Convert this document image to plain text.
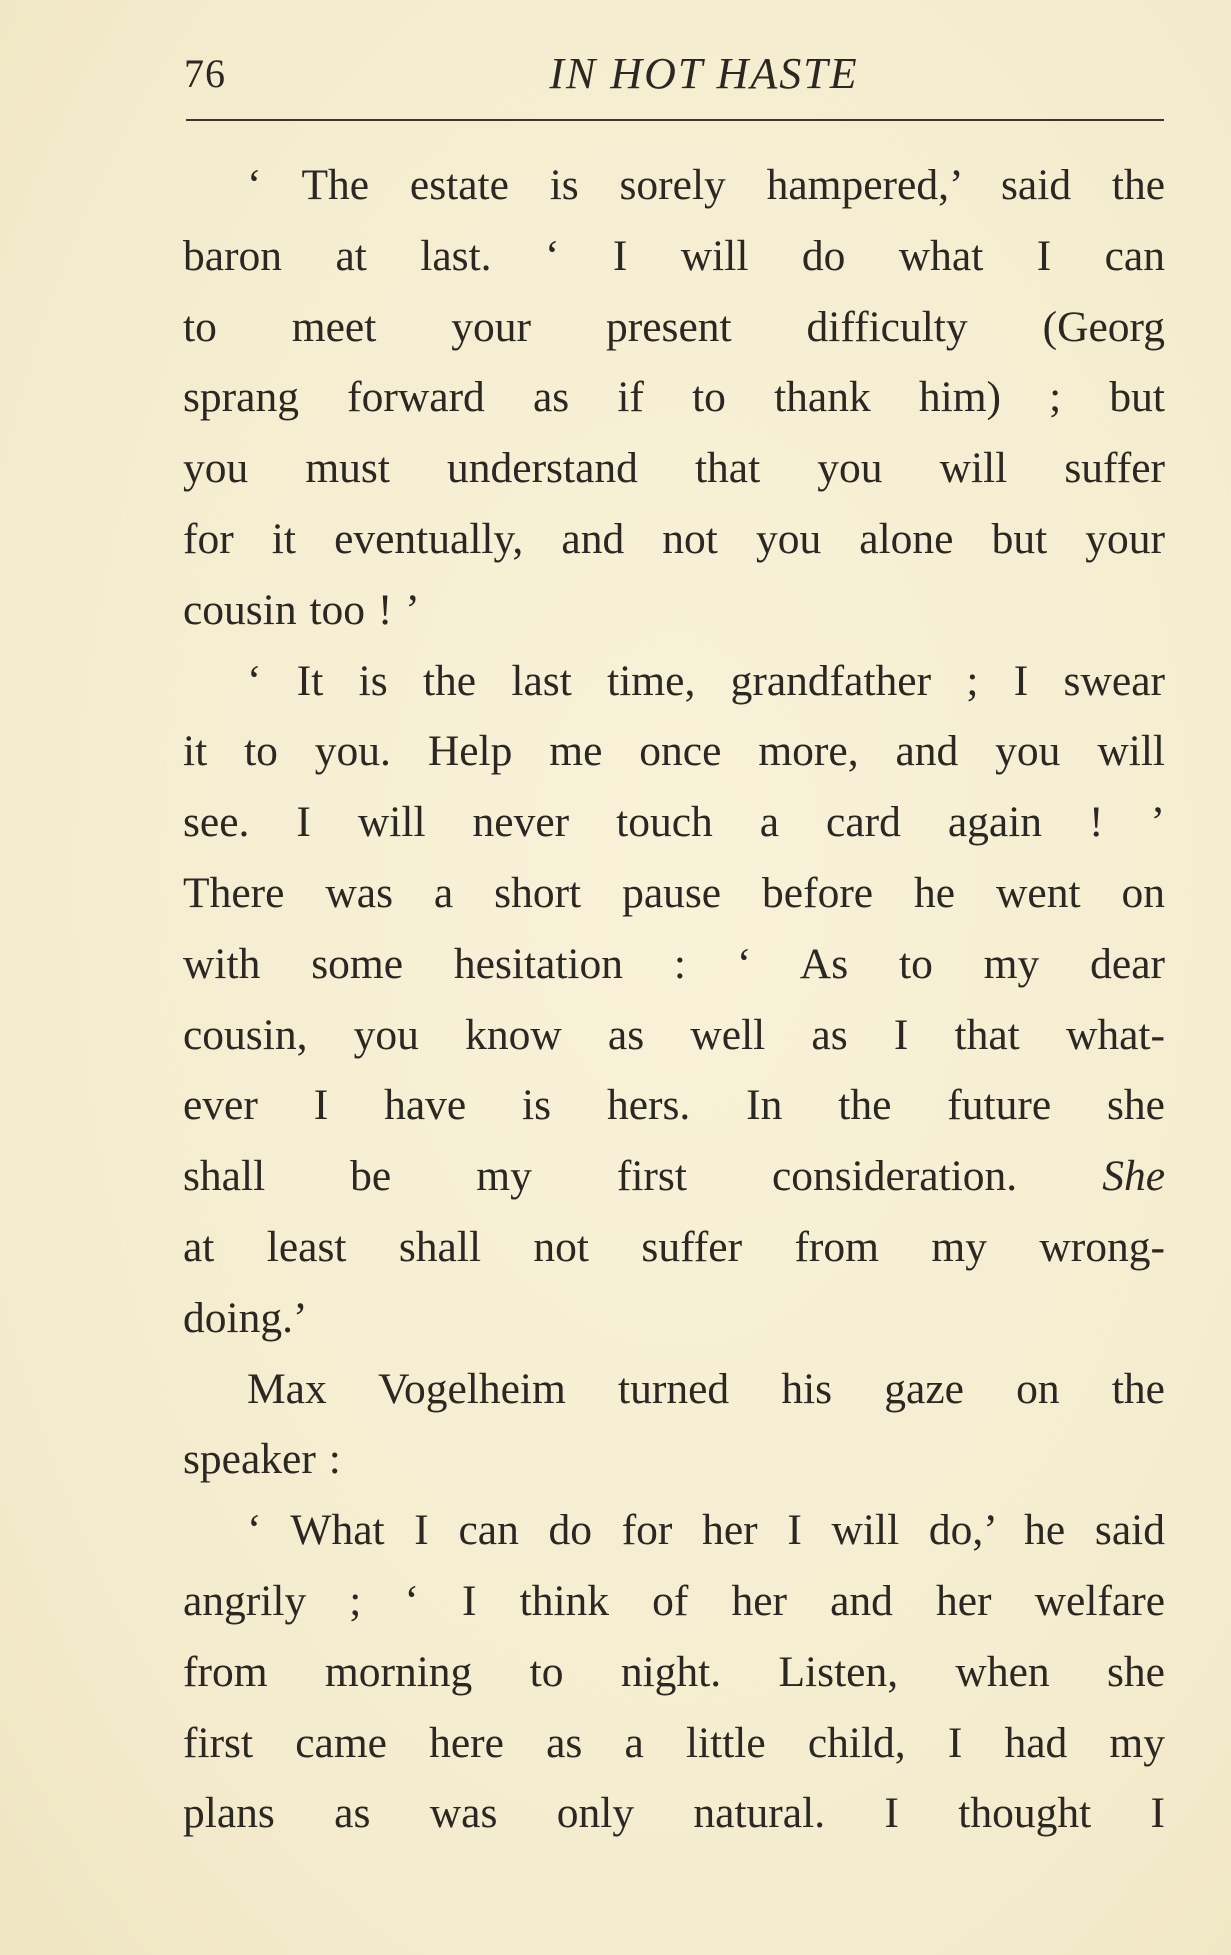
76	IN HOT HASTE
‘ The estate is sorely hampered,’ said the
baron at last. ‘ I will do what I can
to meet your present difficulty (Georg
sprang forward as if to thank him) ; but
you must understand that you will suffer
for it eventually, and not you alone but your
cousin too ! ’
‘ It is the last time, grandfather ; I swear
it to you. Help me once more, and you will
see. I will never touch a card again ! ’
There was a short pause before he went on
with some hesitation : ‘ As to my dear
cousin, you know as well as I that what-
ever I have is hers. In the future she
shall be my first consideration. She
at least shall not suffer from my wrong-
doing.’
Max Vogelheim turned his gaze on the
speaker :
‘ What I can do for her I will do,’ he said
angrily ; ‘ I think of her and her welfare
from morning to night. Listen, when she
first came here as a little child, I had my
plans as was only natural. I thought I
